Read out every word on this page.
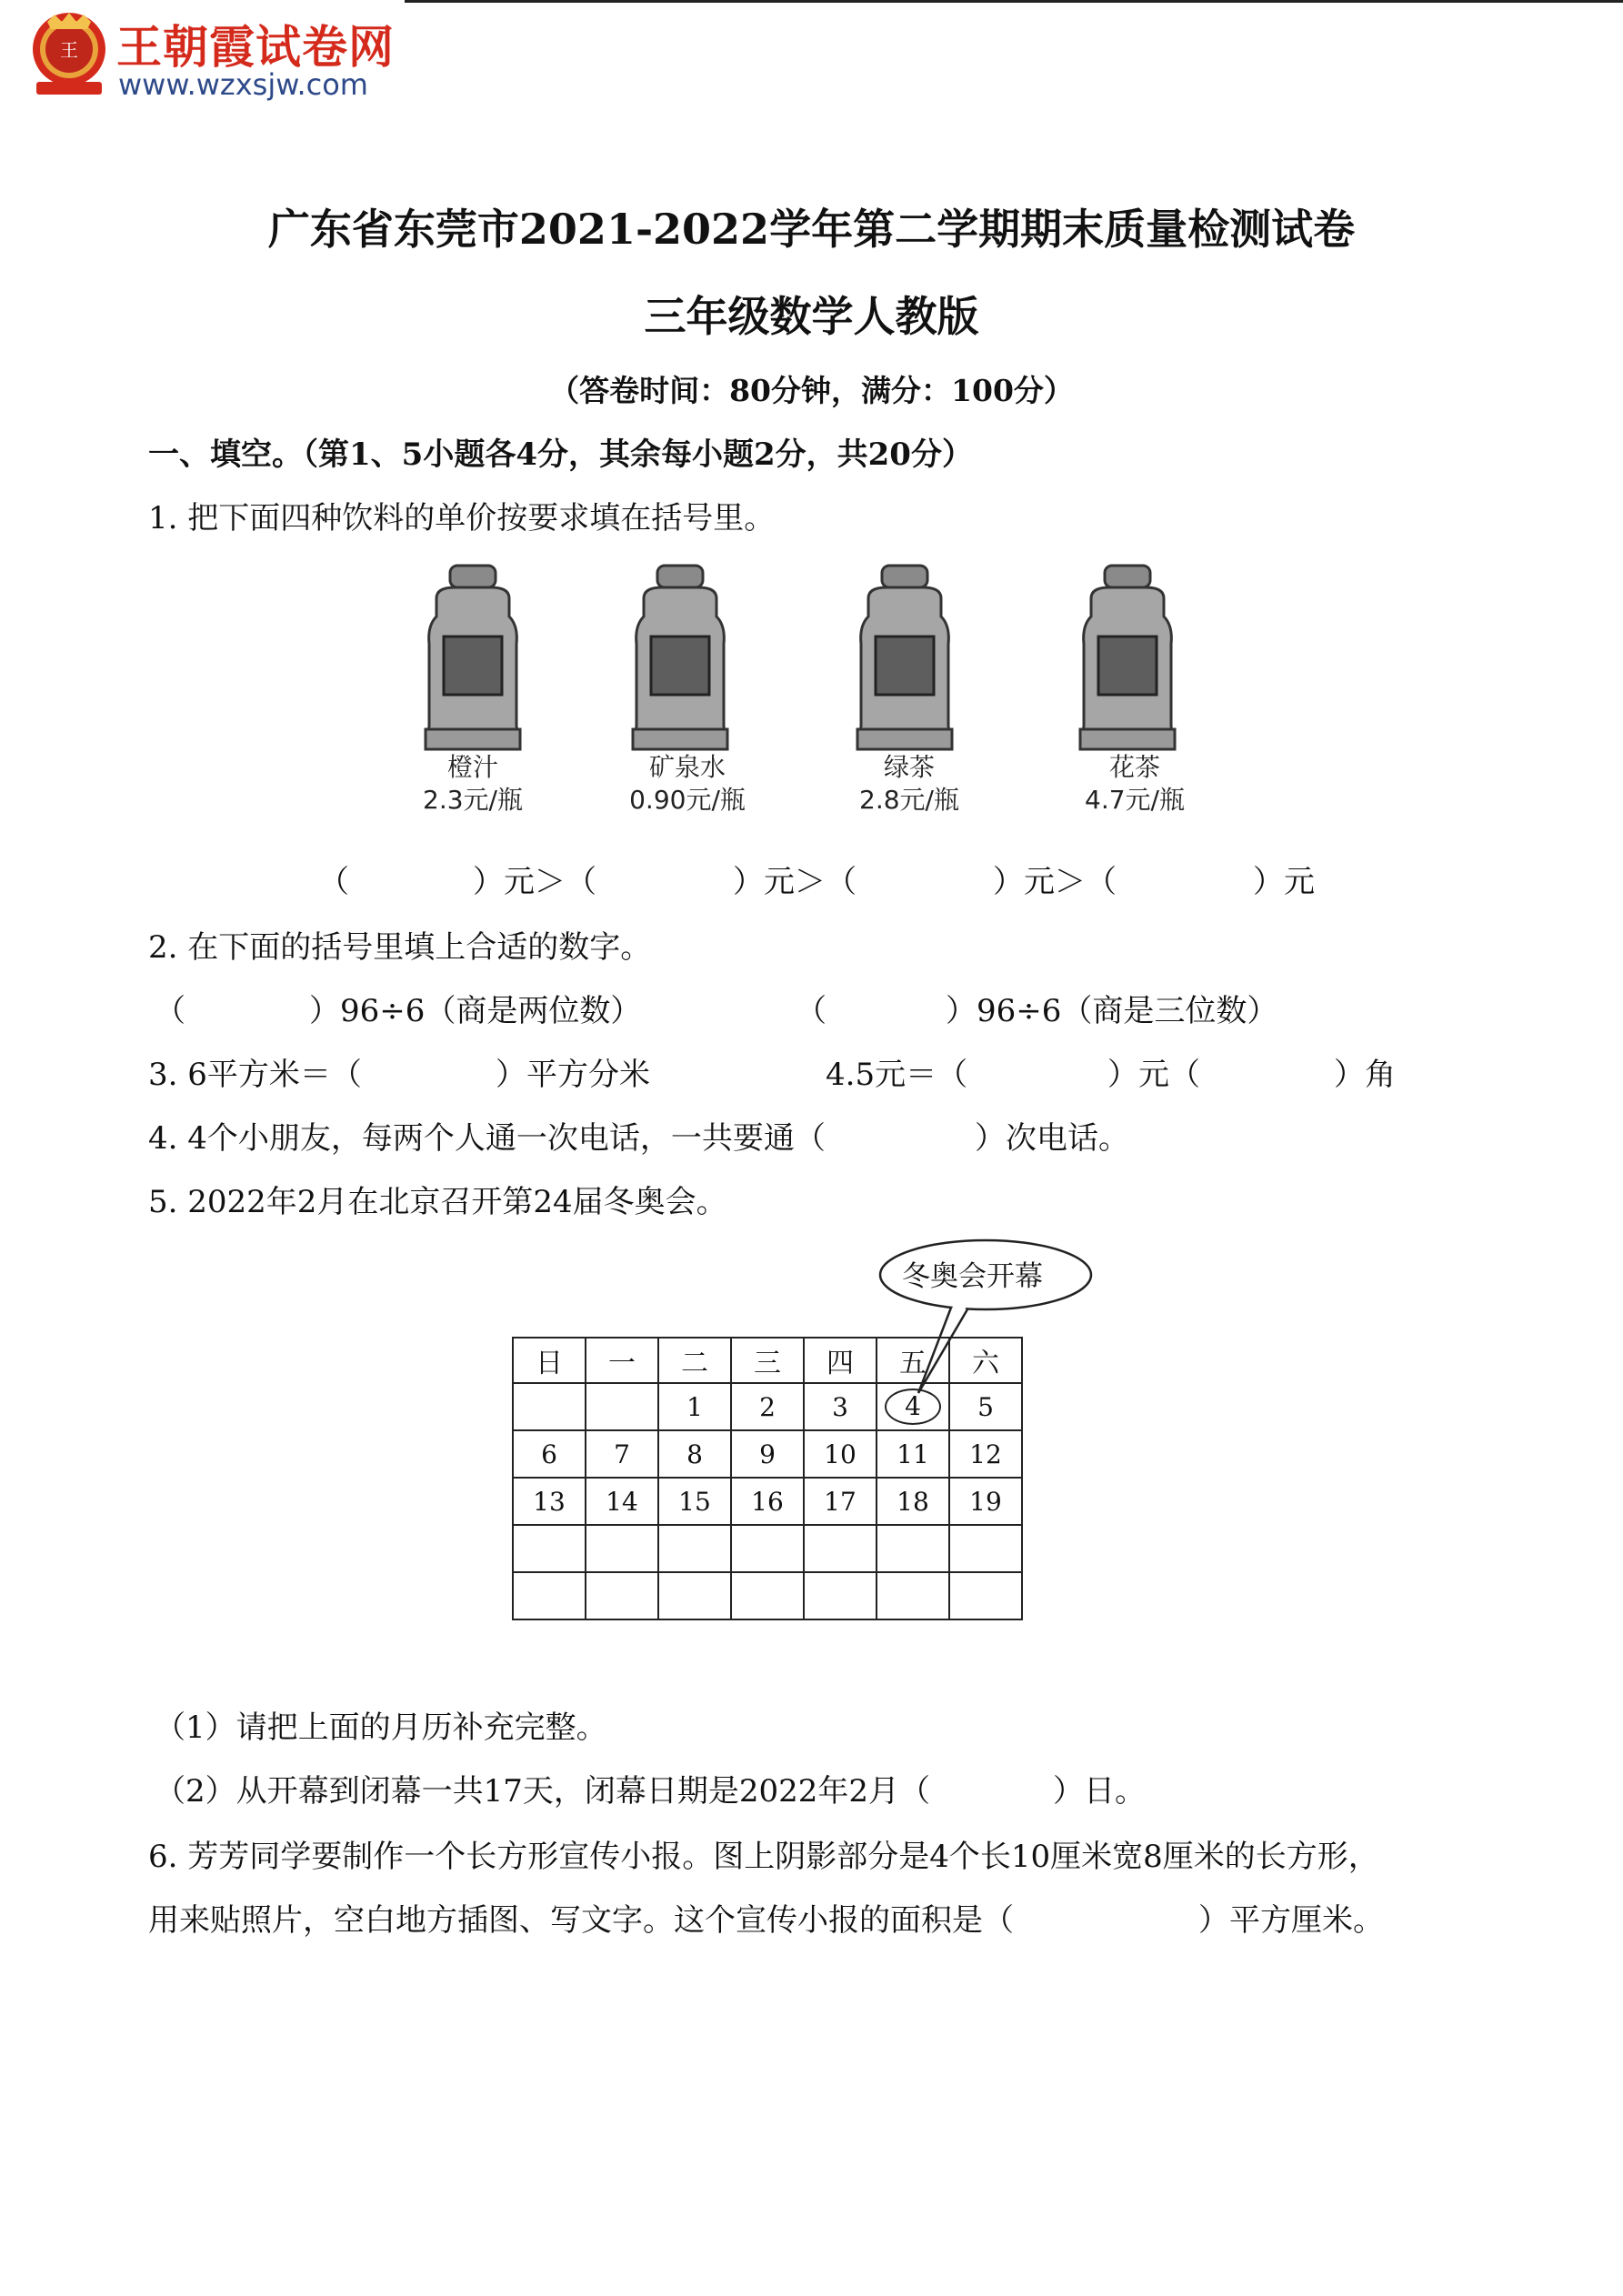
王 王朝霞试卷网
www.wzxsjw.com
广东省东莞市2021-2022学年第二学期期末质量检测试卷
三年级数学人教版
（答卷时间：80分钟，满分：100分）
一、填空。（第1、5小题各4分，其余每小题2分，共20分）
1. 把下面四种饮料的单价按要求填在括号里。
橙汁
2.3元/瓶
矿泉水
0.90元/瓶
绿茶
2.8元/瓶
花茶
4.7元/瓶
（	）元＞（	）元＞（	）元＞（	）元
2. 在下面的括号里填上合适的数字。
（	）96÷6（商是两位数）	（	）96÷6（商是三位数）
3. 6平方米＝（	）平方分米	4.5元＝（	）元（	）角
4. 4个小朋友，每两个人通一次电话，一共要通（	）次电话。
5. 2022年2月在北京召开第24届冬奥会。
冬奥会开幕
日	一	二	三	四	五	六
		1	2	3	4	5
6	7	8	9	10	11	12
13	14	15	16	17	18	19

（1）请把上面的月历补充完整。
（2）从开幕到闭幕一共17天，闭幕日期是2022年2月（	）日。
6. 芳芳同学要制作一个长方形宣传小报。图上阴影部分是4个长10厘米宽8厘米的长方形，
用来贴照片，空白地方插图、写文字。这个宣传小报的面积是（	）平方厘米。
